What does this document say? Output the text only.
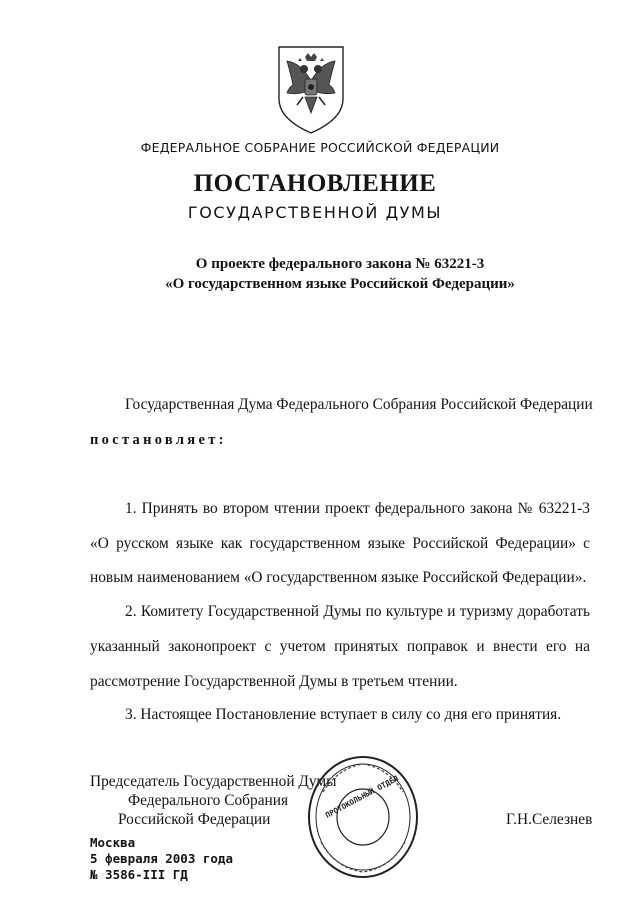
ФЕДЕРАЛЬНОЕ СОБРАНИЕ РОССИЙСКОЙ ФЕДЕРАЦИИ
ПОСТАНОВЛЕНИЕ
ГОСУДАРСТВЕННОЙ ДУМЫ
О проекте федерального закона № 63221-3
«О государственном языке Российской Федерации»
Государственная Дума Федерального Собрания Российской Федерации
постановляет:
1. Принять во втором чтении проект федерального закона № 63221-3
«О русском языке как государственном языке Российской Федерации» с
новым наименованием «О государственном языке Российской Федерации».
2. Комитету Государственной Думы по культуре и туризму доработать
указанный законопроект с учетом принятых поправок и внести его на
рассмотрение Государственной Думы в третьем чтении.
3. Настоящее Постановление вступает в силу со дня его принятия.
Председатель Государственной Думы
Федерального Собрания
Российской Федерации	Г.Н.Селезнев
Москва
5 февраля 2003 года
№ 3586-III ГД
ПРОТОКОЛЬНЫЙ ОТДЕЛ
